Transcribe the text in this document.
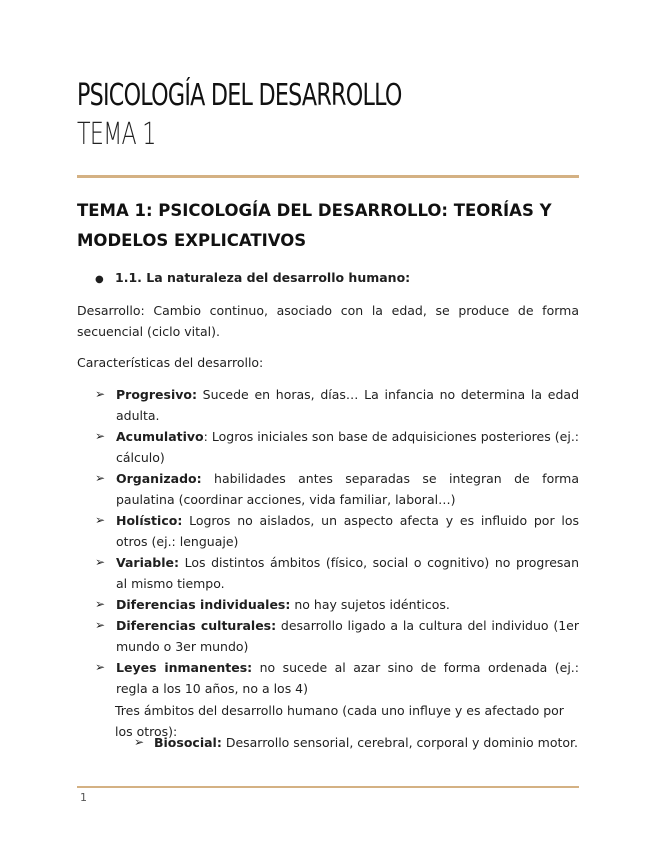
PSICOLOGÍA DEL DESARROLLO
TEMA 1
TEMA 1: PSICOLOGÍA DEL DESARROLLO: TEORÍAS Y MODELOS EXPLICATIVOS
● 1.1. La naturaleza del desarrollo humano:
Desarrollo: Cambio continuo, asociado con la edad, se produce de forma secuencial (ciclo vital).
Características del desarrollo:
➢ Progresivo: Sucede en horas, días… La infancia no determina la edad adulta.
➢ Acumulativo: Logros iniciales son base de adquisiciones posteriores (ej.: cálculo)
➢ Organizado: habilidades antes separadas se integran de forma paulatina (coordinar acciones, vida familiar, laboral…)
➢ Holístico: Logros no aislados, un aspecto afecta y es influido por los otros (ej.: lenguaje)
➢ Variable: Los distintos ámbitos (físico, social o cognitivo) no progresan al mismo tiempo.
➢ Diferencias individuales: no hay sujetos idénticos.
➢ Diferencias culturales: desarrollo ligado a la cultura del individuo (1er mundo o 3er mundo)
➢ Leyes inmanentes: no sucede al azar sino de forma ordenada (ej.: regla a los 10 años, no a los 4)
Tres ámbitos del desarrollo humano (cada uno influye y es afectado por los otros):
➢ Biosocial: Desarrollo sensorial, cerebral, corporal y dominio motor.
1
